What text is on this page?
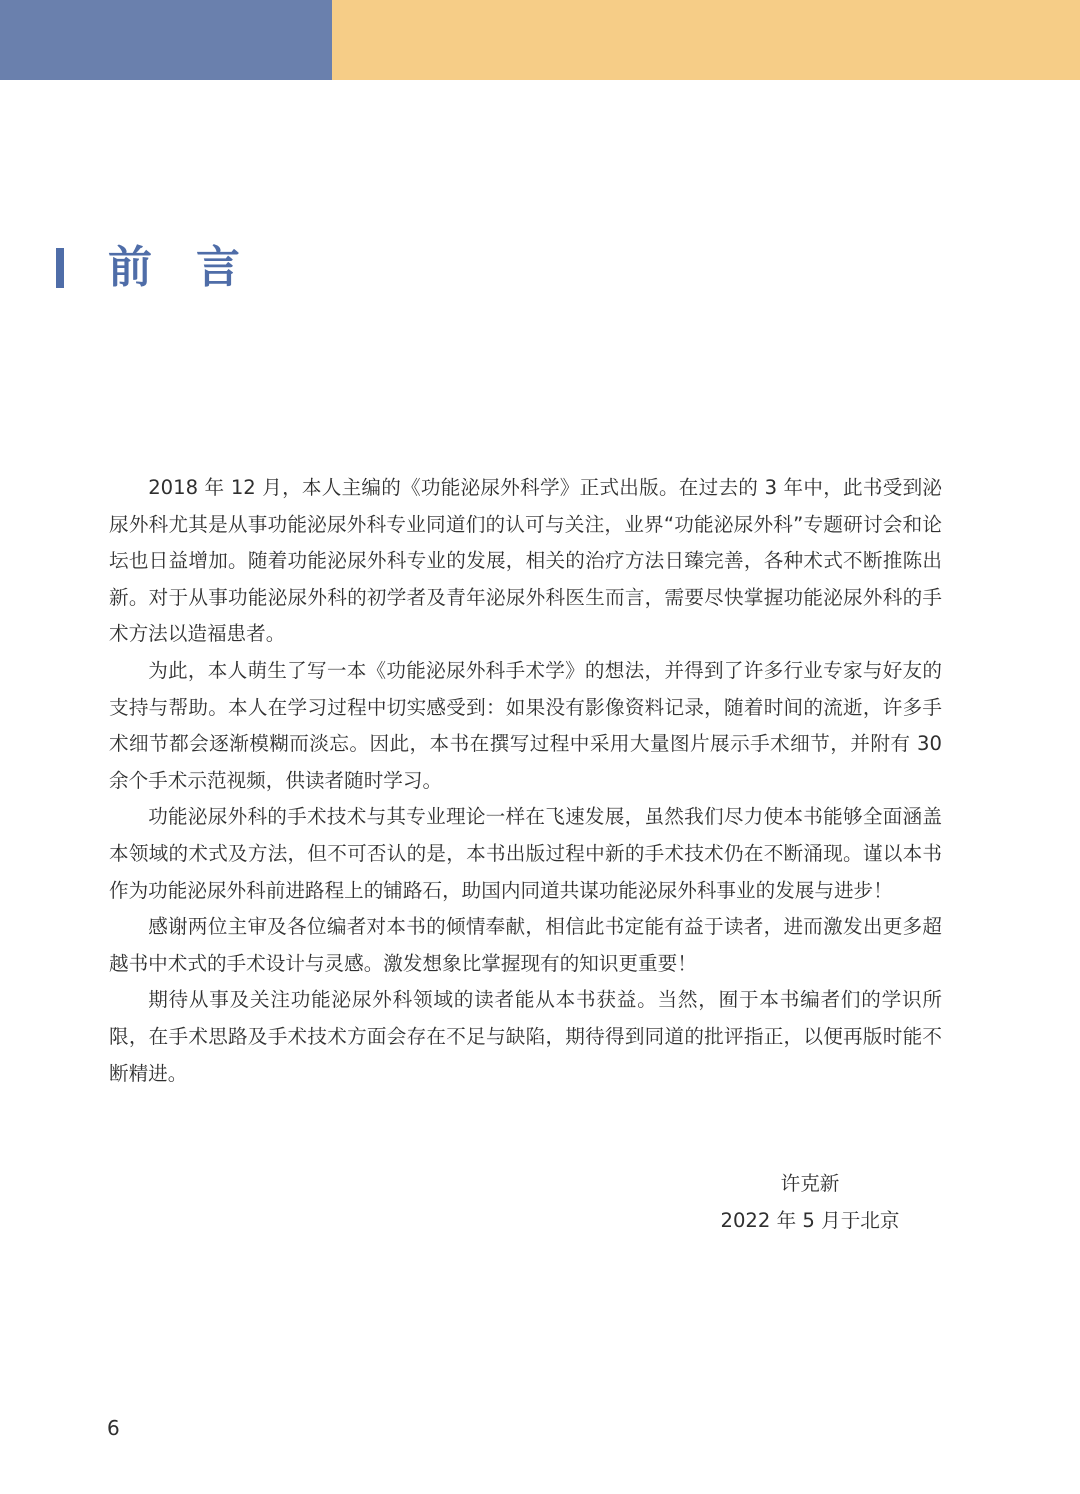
前言

2018 年 12 月，本人主编的《功能泌尿外科学》正式出版。在过去的 3 年中，此书受到泌尿外科尤其是从事功能泌尿外科专业同道们的认可与关注，业界“功能泌尿外科”专题研讨会和论坛也日益增加。随着功能泌尿外科专业的发展，相关的治疗方法日臻完善，各种术式不断推陈出新。对于从事功能泌尿外科的初学者及青年泌尿外科医生而言，需要尽快掌握功能泌尿外科的手术方法以造福患者。

为此，本人萌生了写一本《功能泌尿外科手术学》的想法，并得到了许多行业专家与好友的支持与帮助。本人在学习过程中切实感受到：如果没有影像资料记录，随着时间的流逝，许多手术细节都会逐渐模糊而淡忘。因此，本书在撰写过程中采用大量图片展示手术细节，并附有 30 余个手术示范视频，供读者随时学习。

功能泌尿外科的手术技术与其专业理论一样在飞速发展，虽然我们尽力使本书能够全面涵盖本领域的术式及方法，但不可否认的是，本书出版过程中新的手术技术仍在不断涌现。谨以本书作为功能泌尿外科前进路程上的铺路石，助国内同道共谋功能泌尿外科事业的发展与进步！

感谢两位主审及各位编者对本书的倾情奉献，相信此书定能有益于读者，进而激发出更多超越书中术式的手术设计与灵感。激发想象比掌握现有的知识更重要！

期待从事及关注功能泌尿外科领域的读者能从本书获益。当然，囿于本书编者们的学识所限，在手术思路及手术技术方面会存在不足与缺陷，期待得到同道的批评指正，以便再版时能不断精进。

许克新
2022 年 5 月于北京
6
